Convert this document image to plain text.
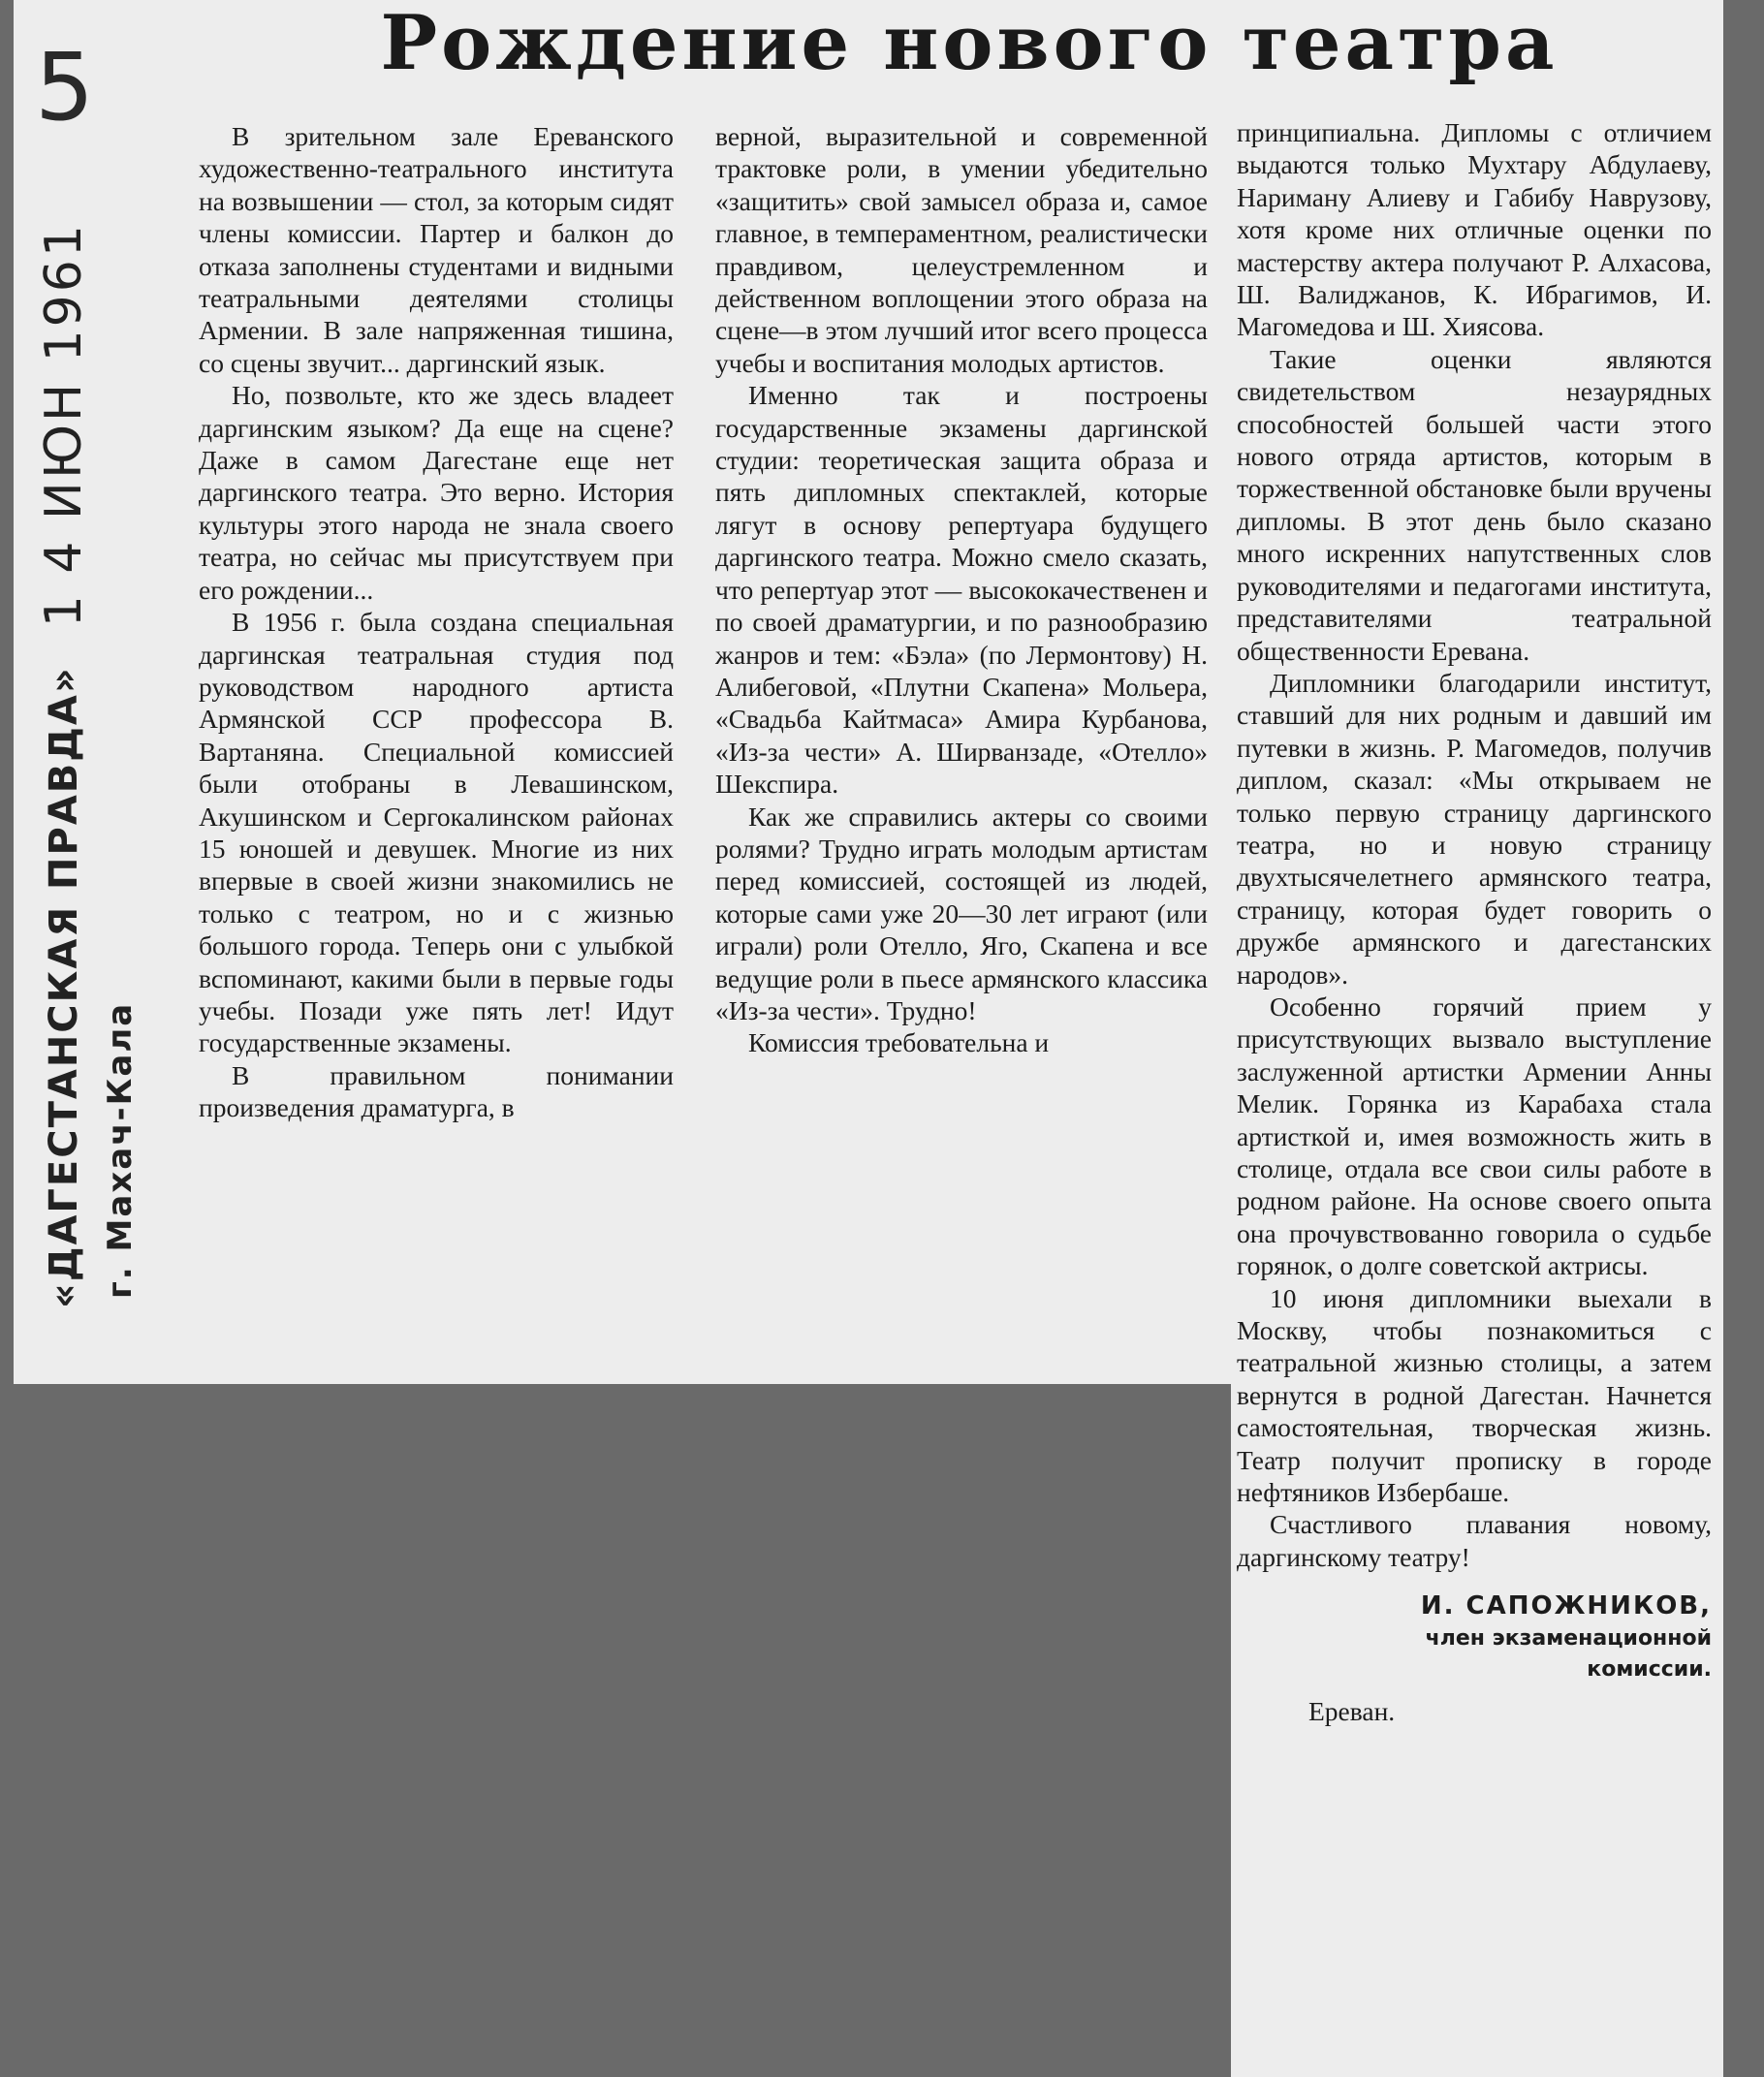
5
«ДАГЕСТАНСКАЯ ПРАВДА»
1 4 ИЮН 1961
г. Махач-Кала
Рождение нового театра

В зрительном зале Ереванского художественно-театрального института на возвышении — стол, за которым сидят члены комиссии. Партер и балкон до отказа заполнены студентами и видными театральными деятелями столицы Армении. В зале напряженная тишина, со сцены звучит... даргинский язык.

Но, позвольте, кто же здесь владеет даргинским языком? Да еще на сцене? Даже в самом Дагестане еще нет даргинского театра. Это верно. История культуры этого народа не знала своего театра, но сейчас мы присутствуем при его рождении...

В 1956 г. была создана специальная даргинская театральная студия под руководством народного артиста Армянской ССР профессора В. Вартаняна. Специальной комиссией были отобраны в Левашинском, Акушинском и Сергокалинском районах 15 юношей и девушек. Многие из них впервые в своей жизни знакомились не только с театром, но и с жизнью большого города. Теперь они с улыбкой вспоминают, какими были в первые годы учебы. Позади уже пять лет! Идут государственные экзамены.

В правильном понимании произведения драматурга, в

верной, выразительной и современной трактовке роли, в умении убедительно «защитить» свой замысел образа и, самое главное, в темпераментном, реалистически правдивом, целеустремленном и действенном воплощении этого образа на сцене—в этом лучший итог всего процесса учебы и воспитания молодых артистов.

Именно так и построены государственные экзамены даргинской студии: теоретическая защита образа и пять дипломных спектаклей, которые лягут в основу репертуара будущего даргинского театра. Можно смело сказать, что репертуар этот — высококачественен и по своей драматургии, и по разнообразию жанров и тем: «Бэла» (по Лермонтову) Н. Алибеговой, «Плутни Скапена» Мольера, «Свадьба Кайтмаса» Амира Курбанова, «Из-за чести» А. Ширванзаде, «Отелло» Шекспира.

Как же справились актеры со своими ролями? Трудно играть молодым артистам перед комиссией, состоящей из людей, которые сами уже 20—30 лет играют (или играли) роли Отелло, Яго, Скапена и все ведущие роли в пьесе армянского классика «Из-за чести». Трудно!

Комиссия требовательна и

принципиальна. Дипломы с отличием выдаются только Мухтару Абдулаеву, Нариману Алиеву и Габибу Наврузову, хотя кроме них отличные оценки по мастерству актера получают Р. Алхасова, Ш. Валиджанов, К. Ибрагимов, И. Магомедова и Ш. Хиясова.

Такие оценки являются свидетельством незаурядных способностей большей части этого нового отряда артистов, которым в торжественной обстановке были вручены дипломы. В этот день было сказано много искренних напутственных слов руководителями и педагогами института, представителями театральной общественности Еревана.

Дипломники благодарили институт, ставший для них родным и давший им путевки в жизнь. Р. Магомедов, получив диплом, сказал: «Мы открываем не только первую страницу даргинского театра, но и новую страницу двухтысячелетнего армянского театра, страницу, которая будет говорить о дружбе армянского и дагестанских народов».

Особенно горячий прием у присутствующих вызвало выступление заслуженной артистки Армении Анны Мелик. Горянка из Карабаха стала артисткой и, имея возможность жить в столице, отдала все свои силы работе в родном районе. На основе своего опыта она прочувствованно говорила о судьбе горянок, о долге советской актрисы.

10 июня дипломники выехали в Москву, чтобы познакомиться с театральной жизнью столицы, а затем вернутся в родной Дагестан. Начнется самостоятельная, творческая жизнь. Театр получит прописку в городе нефтяников Избербаше.

Счастливого плавания новому, даргинскому театру!

И. САПОЖНИКОВ,

член экзаменационной

комиссии.

Ереван.
